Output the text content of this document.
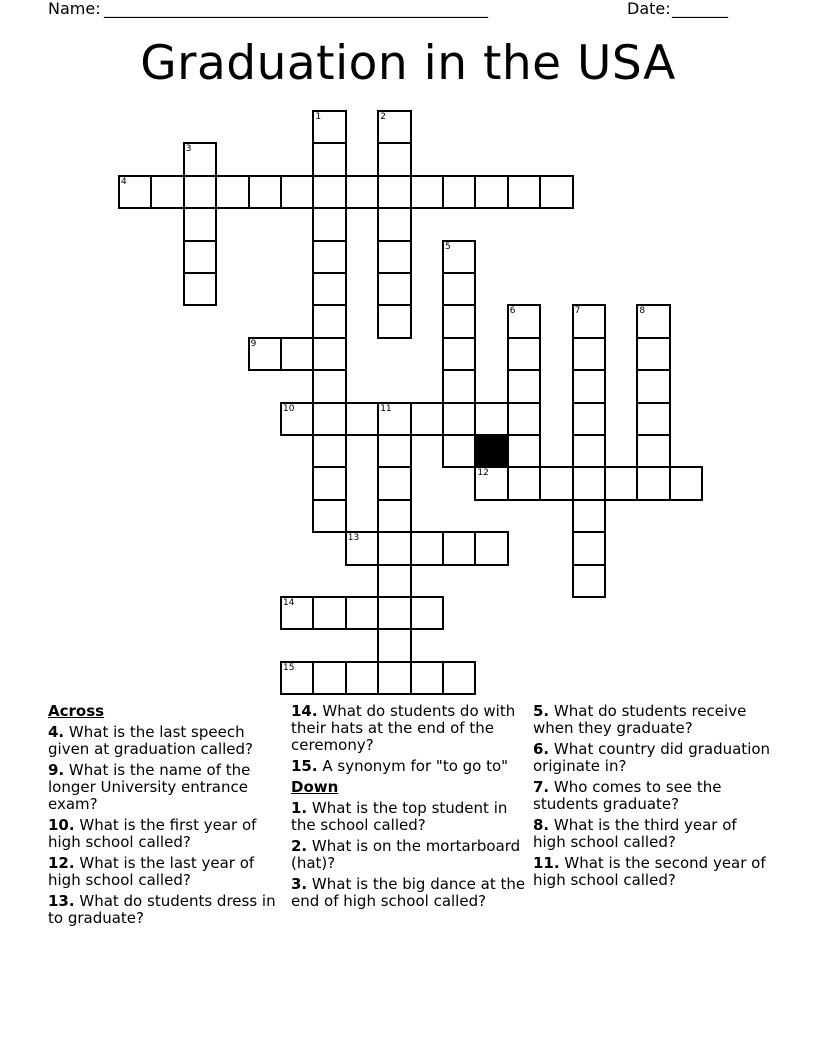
Name: ________________________________________________	Date: _______
Graduation in the USA
4
9
10	11
12
13
14
15
1	2
3
5
6	7	8
Across
4. What is the last speech given at graduation called?
9. What is the name of the longer University entrance exam?
10. What is the first year of high school called?
12. What is the last year of high school called?
13. What do students dress in to graduate?
14. What do students do with their hats at the end of the ceremony?
15. A synonym for "to go to"
Down
1. What is the top student in the school called?
2. What is on the mortarboard (hat)?
3. What is the big dance at the end of high school called?
5. What do students receive when they graduate?
6. What country did graduation originate in?
7. Who comes to see the students graduate?
8. What is the third year of high school called?
11. What is the second year of high school called?
